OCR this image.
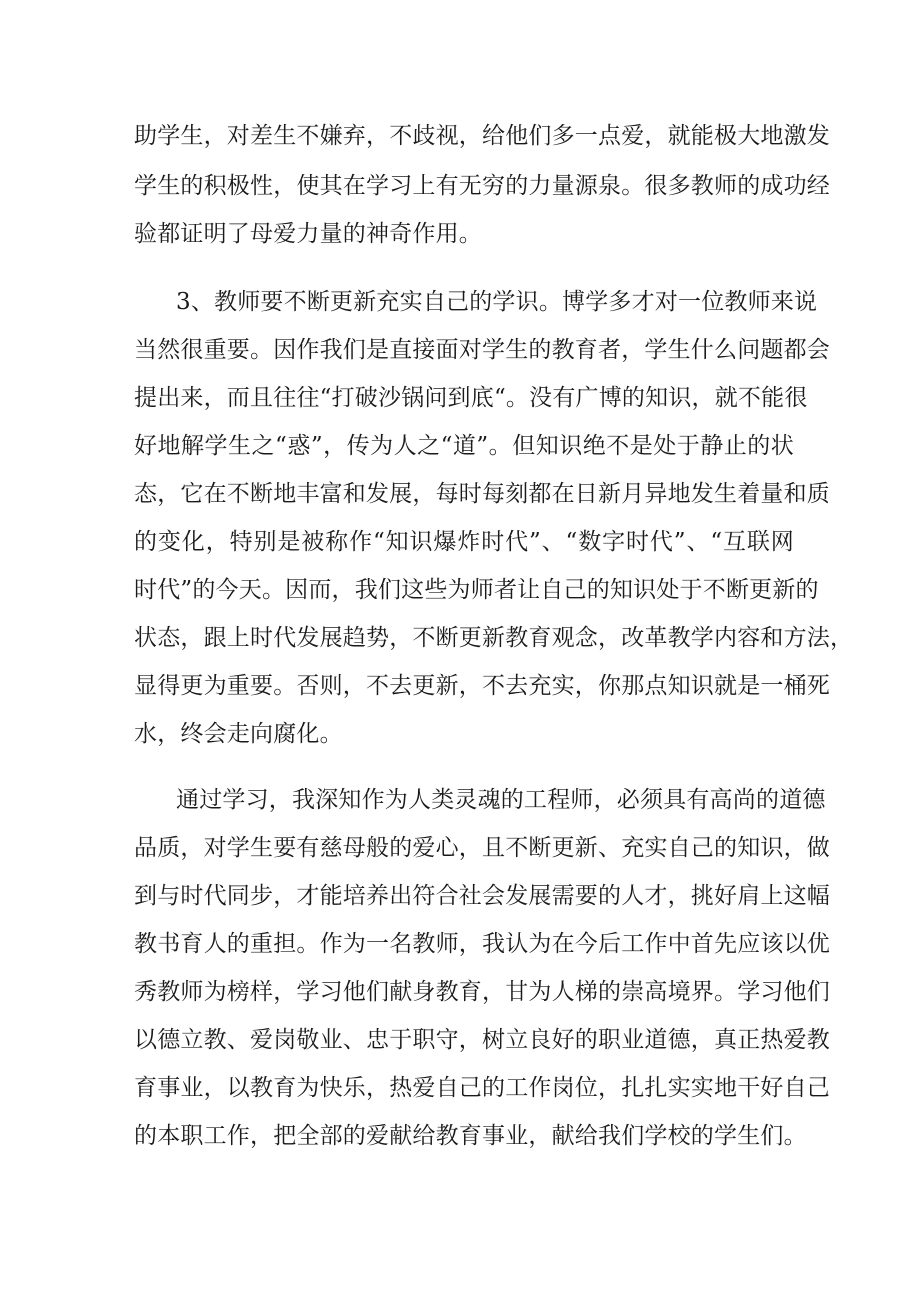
助学生，对差生不嫌弃，不歧视，给他们多一点爱，就能极大地激发
学生的积极性，使其在学习上有无穷的力量源泉。很多教师的成功经
验都证明了母爱力量的神奇作用。
3、教师要不断更新充实自己的学识。博学多才对一位教师来说
当然很重要。因作我们是直接面对学生的教育者，学生什么问题都会
提出来，而且往往“打破沙锅问到底“。没有广博的知识，就不能很
好地解学生之“惑”，传为人之“道”。但知识绝不是处于静止的状
态，它在不断地丰富和发展，每时每刻都在日新月异地发生着量和质
的变化，特别是被称作“知识爆炸时代”、“数字时代”、“互联网
时代”的今天。因而，我们这些为师者让自己的知识处于不断更新的
状态，跟上时代发展趋势，不断更新教育观念，改革教学内容和方法，
显得更为重要。否则，不去更新，不去充实，你那点知识就是一桶死
水，终会走向腐化。
通过学习，我深知作为人类灵魂的工程师，必须具有高尚的道德
品质，对学生要有慈母般的爱心，且不断更新、充实自己的知识，做
到与时代同步，才能培养出符合社会发展需要的人才，挑好肩上这幅
教书育人的重担。作为一名教师，我认为在今后工作中首先应该以优
秀教师为榜样，学习他们献身教育，甘为人梯的崇高境界。学习他们
以德立教、爱岗敬业、忠于职守，树立良好的职业道德，真正热爱教
育事业，以教育为快乐，热爱自己的工作岗位，扎扎实实地干好自己
的本职工作，把全部的爱献给教育事业，献给我们学校的学生们。
